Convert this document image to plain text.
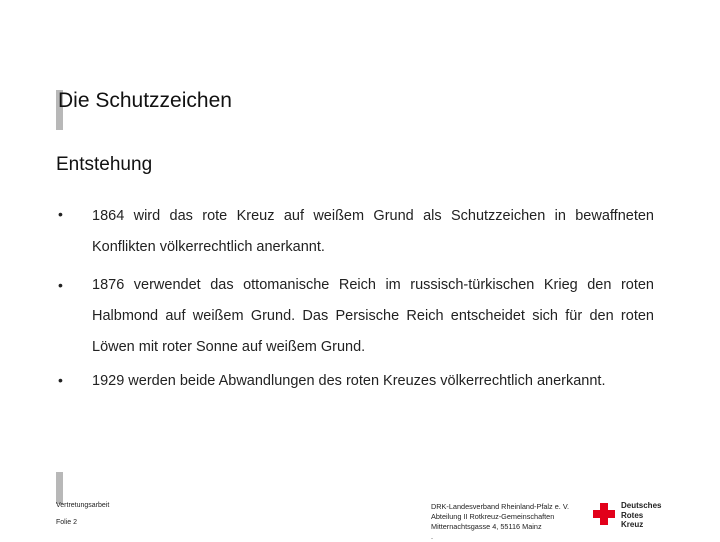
Die Schutzzeichen
Entstehung
• 1864 wird das rote Kreuz auf weißem Grund als Schutzzeichen in bewaffneten Konflikten völkerrechtlich anerkannt.
• 1876 verwendet das ottomanische Reich im russisch-türkischen Krieg den roten Halbmond auf weißem Grund. Das Persische Reich entscheidet sich für den roten Löwen mit roter Sonne auf weißem Grund.
• 1929 werden beide Abwandlungen des roten Kreuzes völkerrechtlich anerkannt.
Vertretungsarbeit
Folie 2
DRK-Landesverband Rheinland-Pfalz e. V.
Abteilung II Rotkreuz-Gemeinschaften
Mitternachtsgasse 4, 55116 Mainz
.
Deutsches
Rotes
Kreuz
